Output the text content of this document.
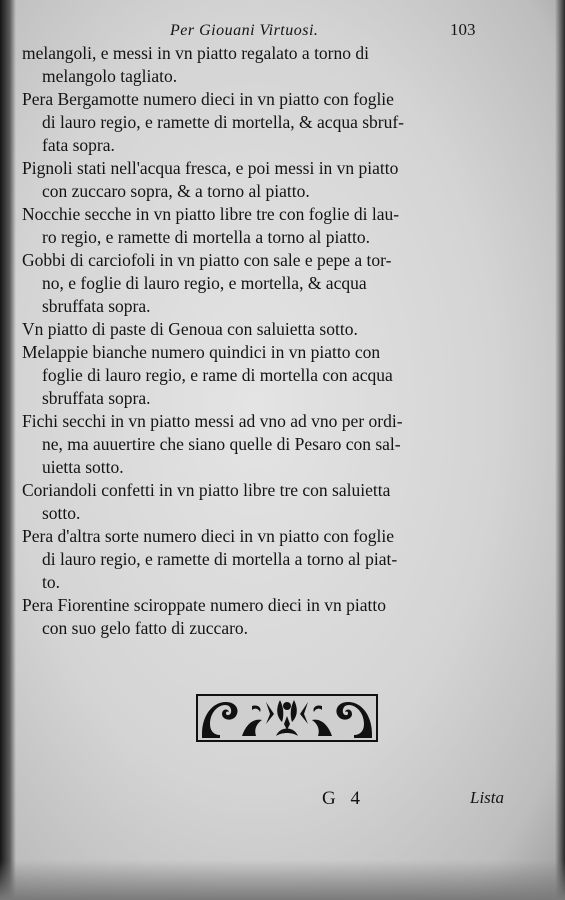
Per Giouani Virtuosi.	103
melangoli, e messi in vn piatto regalato a torno di
melangolo tagliato.
Pera Bergamotte numero dieci in vn piatto con foglie
di lauro regio, e ramette di mortella, & acqua sbruf-
fata sopra.
Pignoli stati nell'acqua fresca, e poi messi in vn piatto
con zuccaro sopra, & a torno al piatto.
Nocchie secche in vn piatto libre tre con foglie di lau-
ro regio, e ramette di mortella a torno al piatto.
Gobbi di carciofoli in vn piatto con sale e pepe a tor-
no, e foglie di lauro regio, e mortella, & acqua
sbruffata sopra.
Vn piatto di paste di Genoua con saluietta sotto.
Melappie bianche numero quindici in vn piatto con
foglie di lauro regio, e rame di mortella con acqua
sbruffata sopra.
Fichi secchi in vn piatto messi ad vno ad vno per ordi-
ne, ma auuertire che siano quelle di Pesaro con sal-
uietta sotto.
Coriandoli confetti in vn piatto libre tre con saluietta
sotto.
Pera d'altra sorte numero dieci in vn piatto con foglie
di lauro regio, e ramette di mortella a torno al piat-
to.
Pera Fiorentine sciroppate numero dieci in vn piatto
con suo gelo fatto di zuccaro.
G 4	Lista
